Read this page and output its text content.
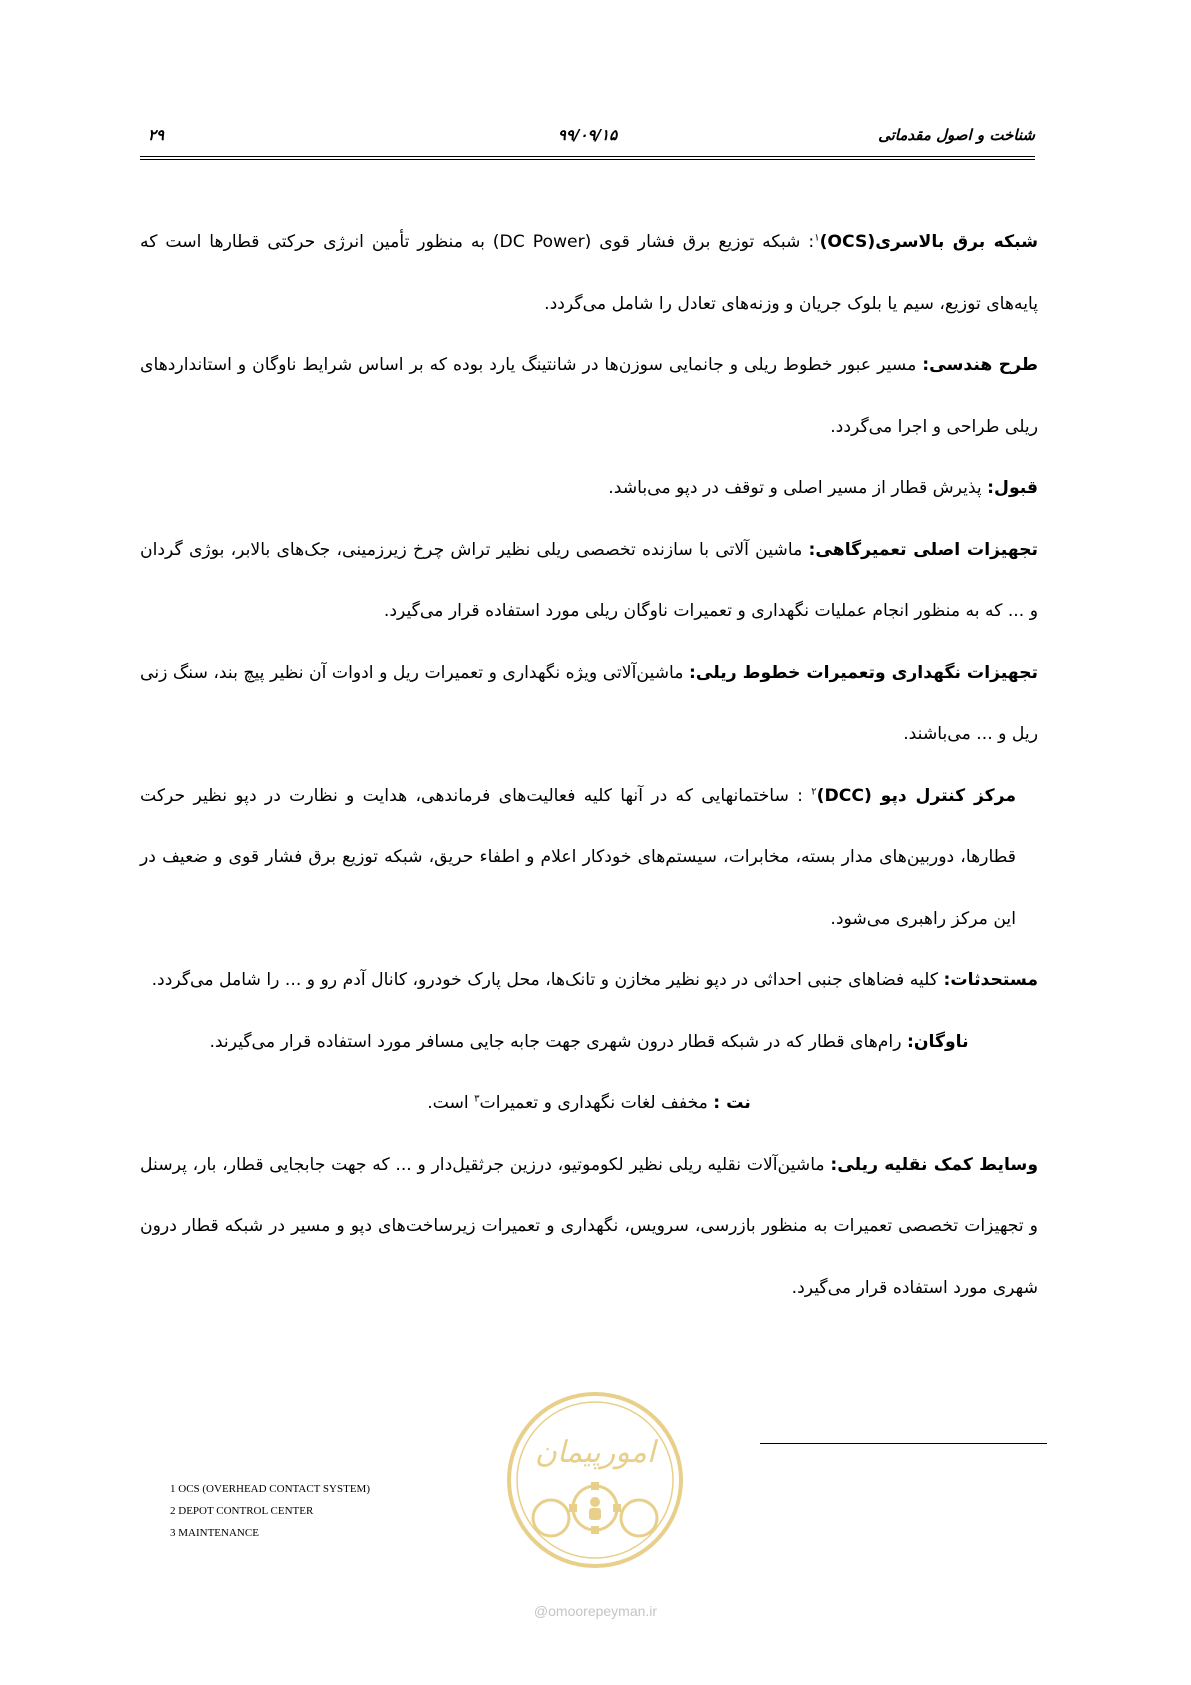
شناخت و اصول مقدماتی
۹۹/۰۹/۱۵
۲۹

شبکه برق بالاسری(OCS)$^۱$: شبکه توزیع برق فشار قوی (DC Power) به منظور تأمین انرژی حرکتی قطارها است که پایه‌های توزیع، سیم یا بلوک جریان و وزنه‌های تعادل را شامل می‌گردد.

طرح هندسی: مسیر عبور خطوط ریلی و جانمایی سوزن‌ها در شانتینگ یارد بوده که بر اساس شرایط ناوگان و استانداردهای ریلی طراحی و اجرا می‌گردد.

قبول: پذیرش قطار از مسیر اصلی و توقف در دپو می‌باشد.

تجهیزات اصلی تعمیرگاهی: ماشین آلاتی با سازنده تخصصی ریلی نظیر تراش چرخ زیرزمینی، جک‌های بالابر، بوژی گردان و ... که به منظور انجام عملیات نگهداری و تعمیرات ناوگان ریلی مورد استفاده قرار می‌گیرد.

تجهیزات نگهداری وتعمیرات خطوط ریلی: ماشین‌آلاتی ویژه نگهداری و تعمیرات ریل و ادوات آن نظیر پیچ بند، سنگ زنی ریل و ... می‌باشند.

مرکز کنترل دپو (DCC)$^۲$ : ساختمانهایی که در آنها کلیه فعالیت‌های فرماندهی، هدایت و نظارت در دپو نظیر حرکت قطارها، دوربین‌های مدار بسته، مخابرات، سیستم‌های خودکار اعلام و اطفاء حریق، شبکه توزیع برق فشار قوی و ضعیف در این مرکز راهبری می‌شود.

مستحدثات: کلیه فضاهای جنبی احداثی در دپو نظیر مخازن و تانک‌ها، محل پارک خودرو، کانال آدم رو و ... را شامل می‌گردد.

ناوگان: رام‌های قطار که در شبکه قطار درون شهری جهت جابه جایی مسافر مورد استفاده قرار می‌گیرند.

نت : مخفف لغات نگهداری و تعمیرات$^۳$ است.

وسایط کمک نقلیه ریلی: ماشین‌آلات نقلیه ریلی نظیر لکوموتیو، درزین جرثقیل‌دار و ... که جهت جابجایی قطار، بار، پرسنل و تجهیزات تخصصی تعمیرات به منظور بازرسی، سرویس، نگهداری و تعمیرات زیرساخت‌های دپو و مسیر در شبکه قطار درون شهری مورد استفاده قرار می‌گیرد.

1 OCS (OVERHEAD CONTACT SYSTEM)
2 DEPOT CONTROL CENTER
3 MAINTENANCE
امورپیمان
@omoorepeyman.ir
